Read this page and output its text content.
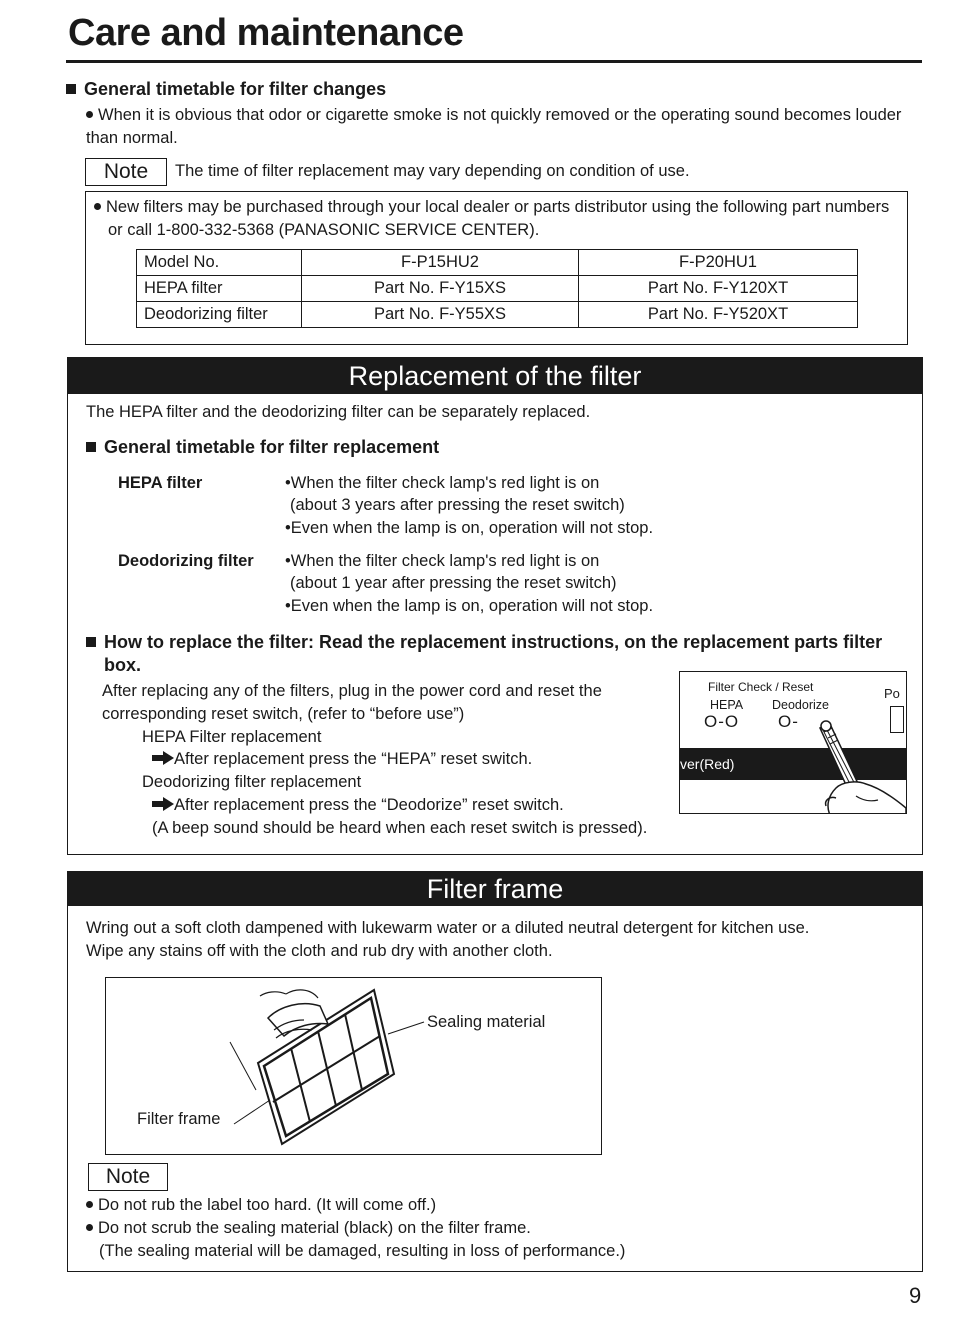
Care and maintenance
General timetable for filter changes
When it is obvious that odor or cigarette smoke is not quickly removed or the operating sound becomes louder than normal.
Note	The time of filter replacement may vary depending on condition of use.
New filters may be purchased through your local dealer or parts distributor using the following part numbers or call 1-800-332-5368 (PANASONIC SERVICE CENTER).
Model No.	F-P15HU2	F-P20HU1
HEPA filter	Part No. F-Y15XS	Part No. F-Y120XT
Deodorizing filter	Part No. F-Y55XS	Part No. F-Y520XT
Replacement of the filter
The HEPA filter and the deodorizing filter can be separately replaced.
General timetable for filter replacement
HEPA filter	•When the filter check lamp's red light is on
(about 3 years after pressing the reset switch)
•Even when the lamp is on, operation will not stop.
Deodorizing filter •When the filter check lamp's red light is on
(about 1 year after pressing the reset switch)
•Even when the lamp is on, operation will not stop.
How to replace the filter: Read the replacement instructions, on the replacement parts filter box.
After replacing any of the filters, plug in the power cord and reset the
corresponding reset switch, (refer to “before use”)
HEPA Filter replacement
After replacement press the “HEPA” reset switch.
Deodorizing filter replacement
After replacement press the “Deodorize” reset switch.
(A beep sound should be heard when each reset switch is pressed).
Filter Check / Reset
HEPA Deodorize
O-O O-
Po
ver(Red)
Filter frame
Wring out a soft cloth dampened with lukewarm water or a diluted neutral detergent for kitchen use.
Wipe any stains off with the cloth and rub dry with another cloth.
Sealing material
Filter frame
Note
Do not rub the label too hard. (It will come off.)
Do not scrub the sealing material (black) on the filter frame.
(The sealing material will be damaged, resulting in loss of performance.)
9
